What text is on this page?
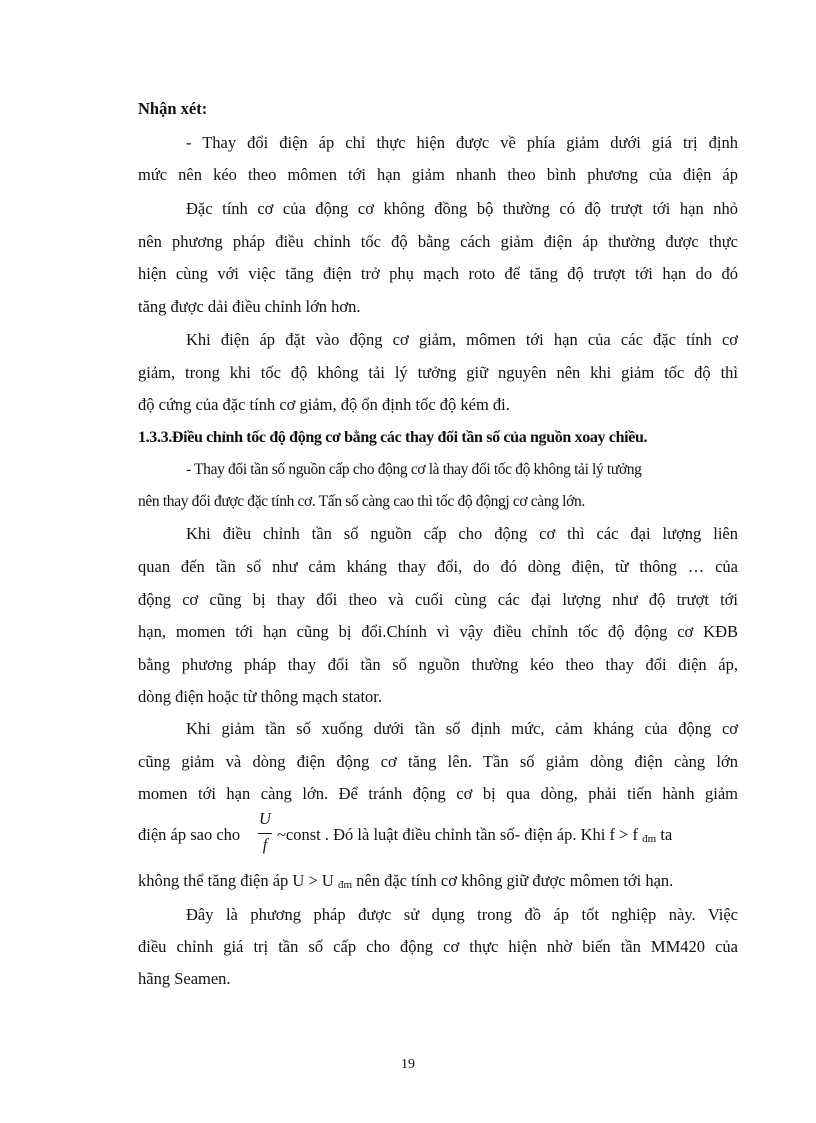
Nhận xét:
- Thay đổi điện áp chỉ thực hiện được về phía giảm dưới giá trị định
mức nên kéo theo mômen tới hạn giảm nhanh theo bình phương của điện áp
Đặc tính cơ của động cơ không đồng bộ thường có độ trượt tới hạn nhỏ
nên phương pháp điều chỉnh tốc độ bằng cách giảm điện áp thường được thực
hiện cùng với việc tăng điện trở phụ mạch roto để tăng độ trượt tới hạn do đó
tăng được dải điều chỉnh lớn hơn.
Khi điện áp đặt vào động cơ giảm, mômen tới hạn của các đặc tính cơ
giảm, trong khi tốc độ không tải lý tưởng giữ nguyên nên khi giảm tốc độ thì
độ cứng của đặc tính cơ giảm, độ ổn định tốc độ kém đi.
1.3.3.Điều chỉnh tốc độ động cơ bằng các thay đổi tần số của nguồn xoay chiều.
- Thay đổi tần số nguồn cấp cho động cơ là thay đổi tốc độ không tải lý tưởng
nên thay đổi được đặc tính cơ. Tấn số càng cao thì tốc độ độngj cơ càng lớn.
Khi điều chỉnh tần số nguồn cấp cho động cơ thì các đại lượng liên
quan đến tần số như cảm kháng thay đổi, do đó dòng điện, từ thông … của
động cơ cũng bị thay đổi theo và cuối cùng các đại lượng như độ trượt tới
hạn, momen tới hạn cũng bị đổi.Chính vì vậy điều chỉnh tốc độ động cơ KĐB
bằng phương pháp thay đổi tần số nguồn thường kéo theo thay đổi điện áp,
dòng điện hoặc từ thông mạch stator.
Khi giảm tần số xuống dưới tần số định mức, cảm kháng của động cơ
cũng giảm và dòng điện động cơ tăng lên. Tần số giảm dòng điện càng lớn
momen tới hạn càng lớn. Để tránh động cơ bị qua dòng, phải tiến hành giảm
điện áp sao cho
U
f
~const . Đó là luật điều chỉnh tần số- điện áp. Khi f > f đm ta
không thể tăng điện áp U > U đm nên đặc tính cơ không giữ được mômen tới hạn.
Đây là phương pháp được sử dụng trong đồ áp tốt nghiệp này. Việc
điều chỉnh giá trị tần số cấp cho động cơ thực hiện nhờ biến tần MM420 của
hãng Seamen.
19
